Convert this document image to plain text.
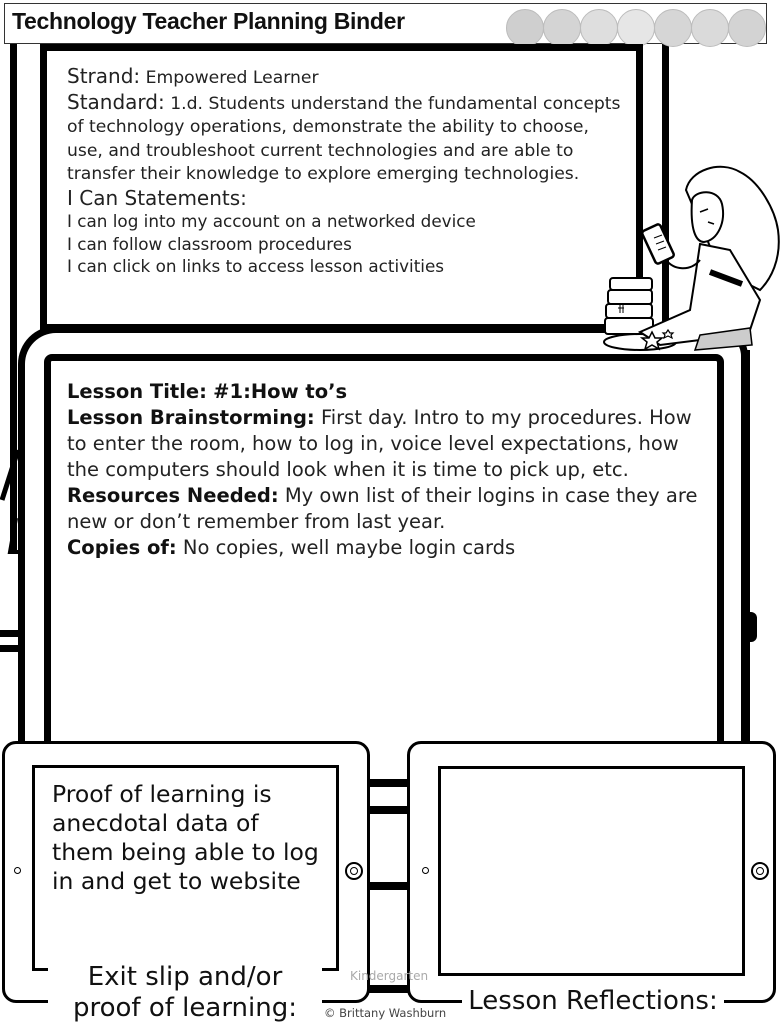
Technology Teacher Planning Binder
Strand: Empowered Learner
Standard: 1.d. Students understand the fundamental concepts of technology operations, demonstrate the ability to choose, use, and troubleshoot current technologies and are able to transfer their knowledge to explore emerging technologies.
I Can Statements:
I can log into my account on a networked device
I can follow classroom procedures
I can click on links to access lesson activities
Lesson Title: #1:How to’s
Lesson Brainstorming: First day. Intro to my procedures. How to enter the room, how to log in, voice level expectations, how the computers should look when it is time to pick up, etc.
Resources Needed: My own list of their logins in case they are new or don’t remember from last year.
Copies of: No copies, well maybe login cards
Proof of learning is anecdotal data of them being able to log in and get to website
Exit slip and/or
proof of learning:	Lesson Reflections:
Kindergarten
© Brittany Washburn
